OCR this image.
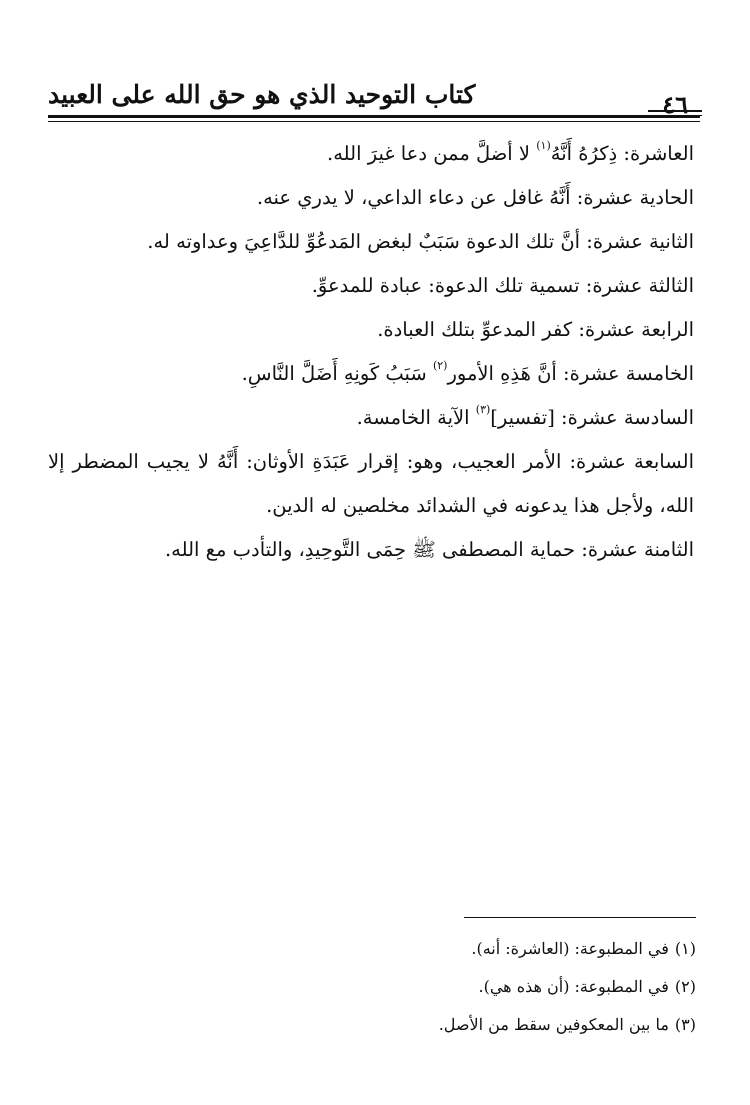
٤٦
كتاب التوحيد الذي هو حق الله على العبيد
العاشرة: ذِكرُهُ أَنَّهُ$^{(١)}$ لا أضلَّ ممن دعا غيرَ الله.
الحادية عشرة: أَنَّهُ غافل عن دعاء الداعي، لا يدري عنه.
الثانية عشرة: أنَّ تلك الدعوة سَبَبٌ لبغض المَدعُوِّ للدَّاعِيَ وعداوته له.
الثالثة عشرة: تسمية تلك الدعوة: عبادة للمدعوِّ.
الرابعة عشرة: كفر المدعوِّ بتلك العبادة.
الخامسة عشرة: أنَّ هَذِهِ الأمور$^{(٢)}$ سَبَبُ كَونِهِ أَضَلَّ النَّاسِ.
السادسة عشرة: [تفسير]$^{(٣)}$ الآية الخامسة.
السابعة عشرة: الأمر العجيب، وهو: إقرار عَبَدَةِ الأوثان: أَنَّهُ لا يجيب المضطر إلا الله، ولأجل هذا يدعونه في الشدائد مخلصين له الدين.
الثامنة عشرة: حماية المصطفى ﷺ حِمَى التَّوحِيدِ، والتأدب مع الله.
(١)في المطبوعة: (العاشرة: أنه).
(٢)في المطبوعة: (أن هذه هي).
(٣)ما بين المعكوفين سقط من الأصل.
